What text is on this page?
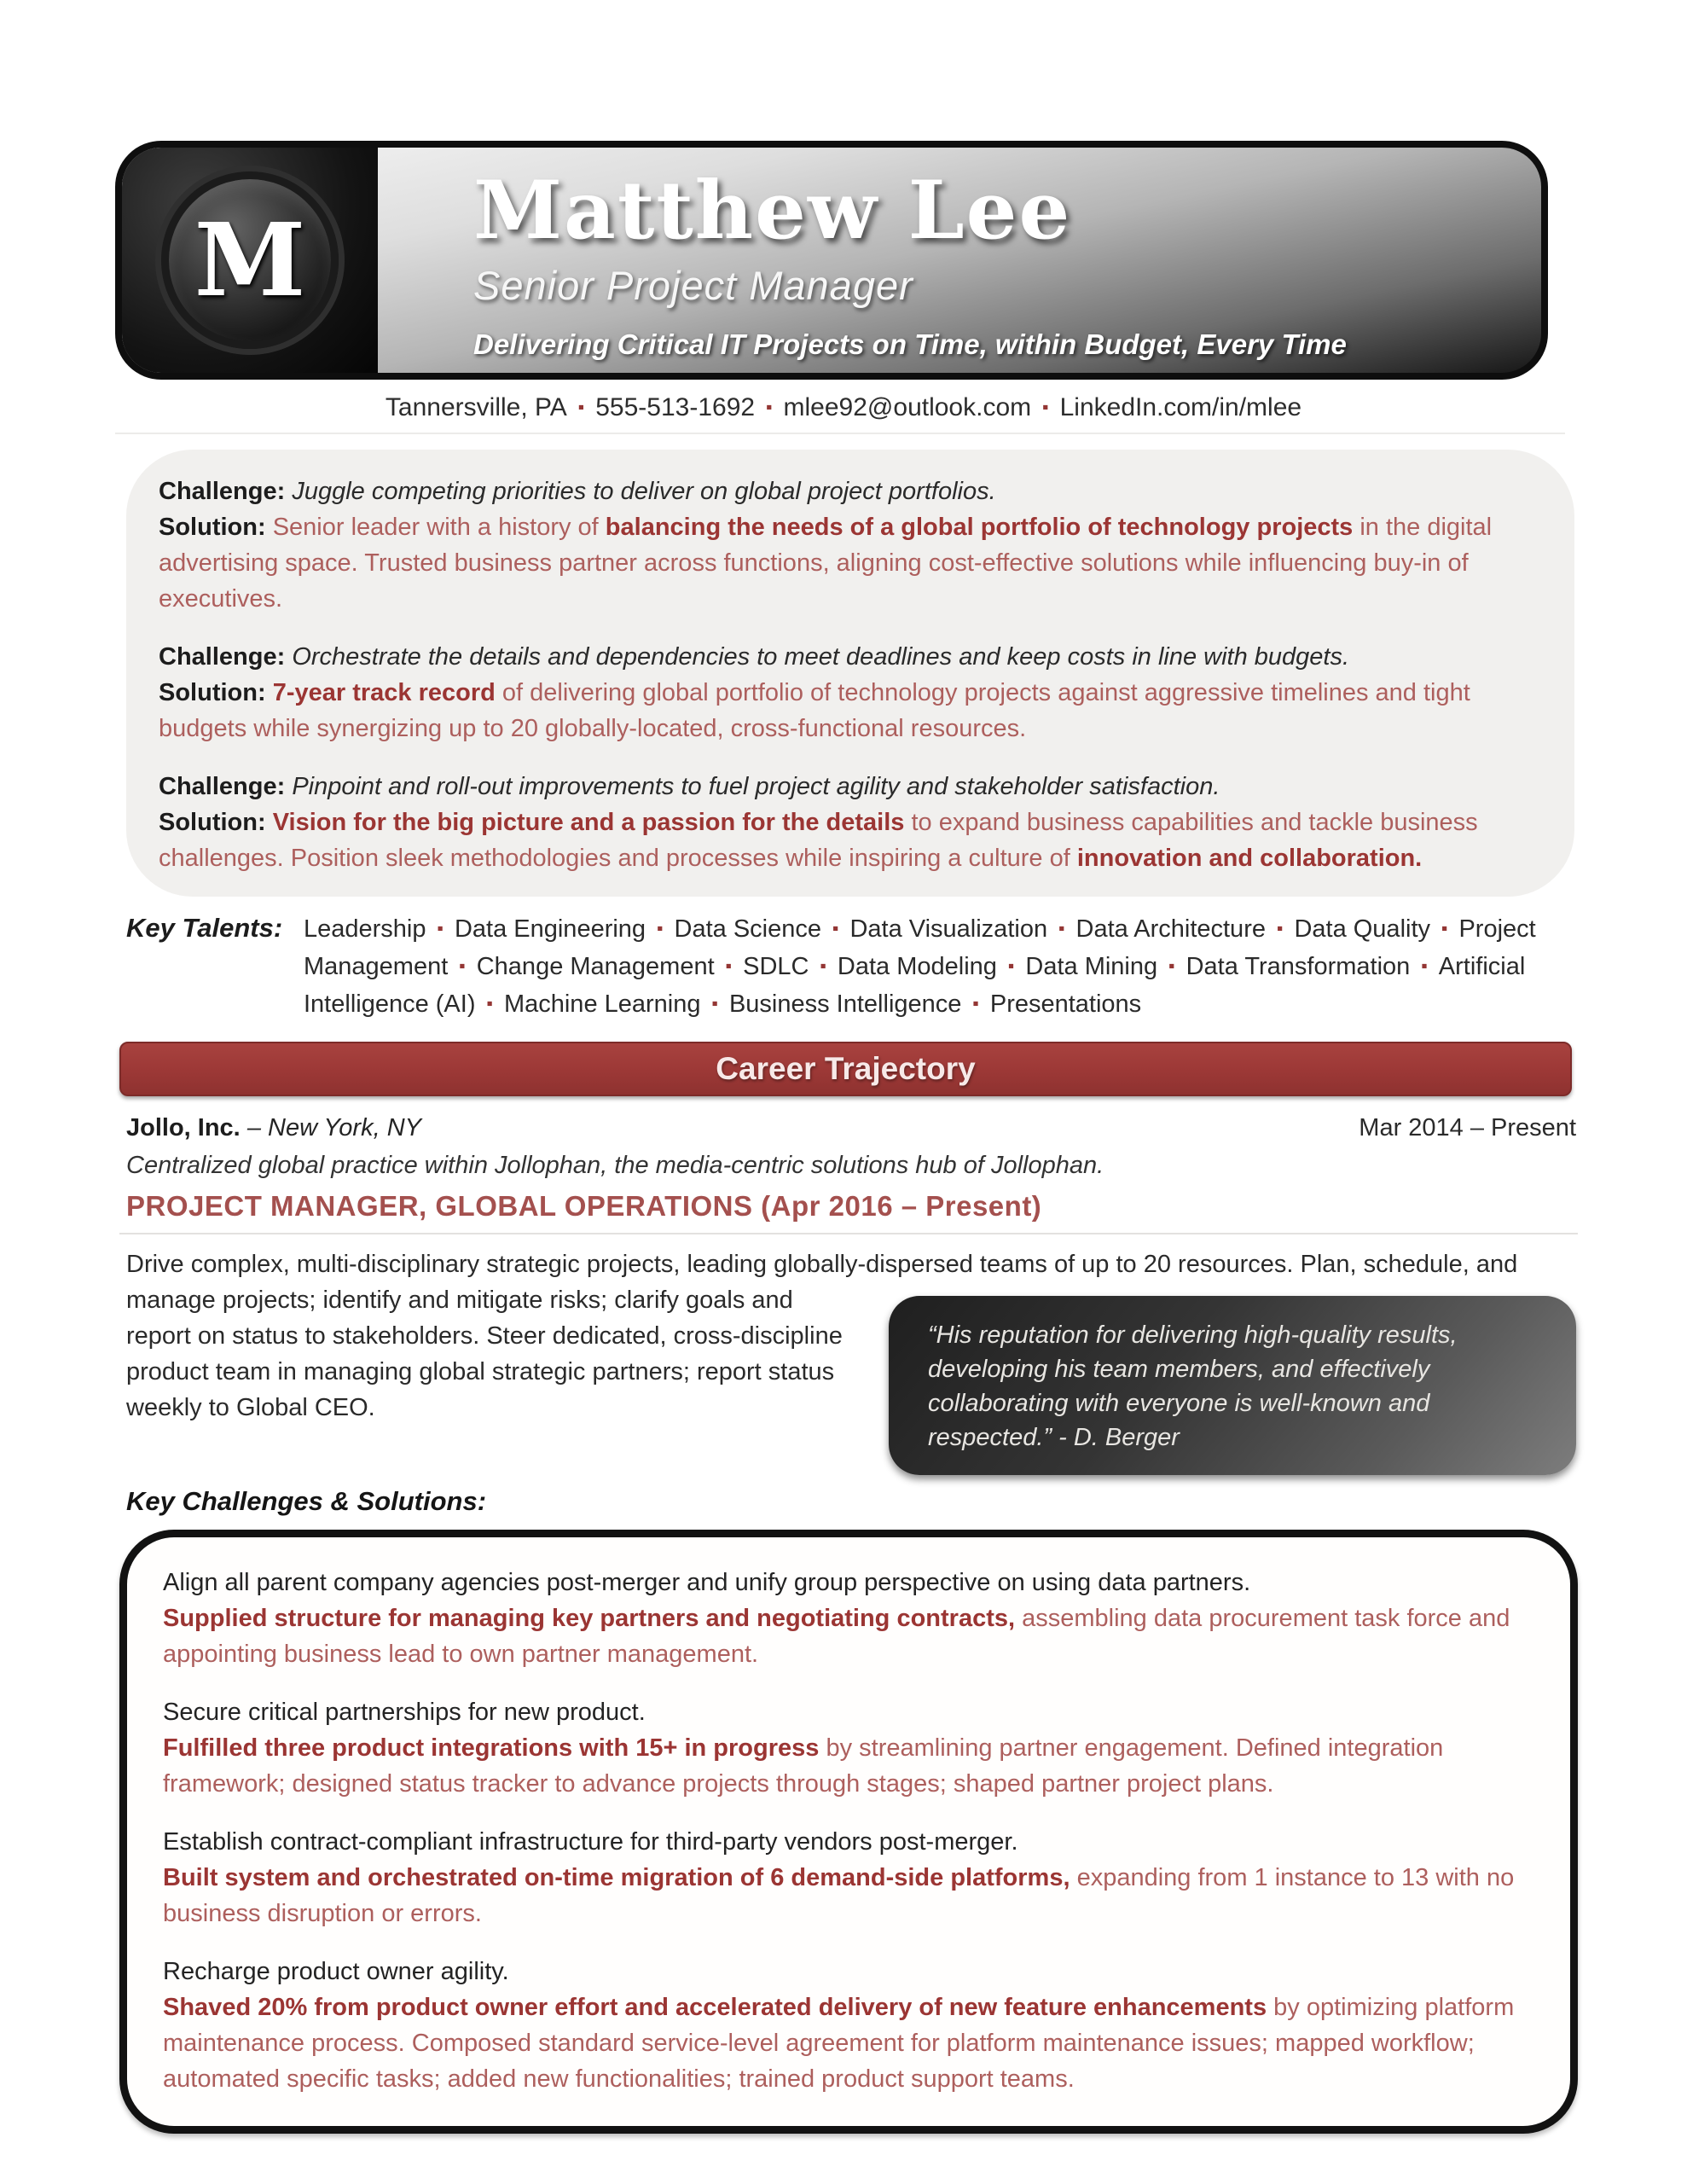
M Matthew Lee
Senior Project Manager
Delivering Critical IT Projects on Time, within Budget, Every Time
Tannersville, PA ▪ 555-513-1692 ▪ mlee92@outlook.com ▪ LinkedIn.com/in/mlee
Challenge: Juggle competing priorities to deliver on global project portfolios.
Solution: Senior leader with a history of balancing the needs of a global portfolio of technology projects in the digital advertising space. Trusted business partner across functions, aligning cost-effective solutions while influencing buy-in of executives.
Challenge: Orchestrate the details and dependencies to meet deadlines and keep costs in line with budgets.
Solution: 7-year track record of delivering global portfolio of technology projects against aggressive timelines and tight budgets while synergizing up to 20 globally-located, cross-functional resources.
Challenge: Pinpoint and roll-out improvements to fuel project agility and stakeholder satisfaction.
Solution: Vision for the big picture and a passion for the details to expand business capabilities and tackle business challenges. Position sleek methodologies and processes while inspiring a culture of innovation and collaboration.
Key Talents: Leadership ▪ Data Engineering ▪ Data Science ▪ Data Visualization ▪ Data Architecture ▪ Data Quality ▪ Project Management ▪ Change Management ▪ SDLC ▪ Data Modeling ▪ Data Mining ▪ Data Transformation ▪ Artificial Intelligence (AI) ▪ Machine Learning ▪ Business Intelligence ▪ Presentations
Career Trajectory
Jollo, Inc. – New York, NY	Mar 2014 – Present
Centralized global practice within Jollophan, the media-centric solutions hub of Jollophan.
PROJECT MANAGER, GLOBAL OPERATIONS (Apr 2016 – Present)
“His reputation for delivering high-quality results, developing his team members, and effectively collaborating with everyone is well-known and respected.” - D. Berger
Drive complex, multi-disciplinary strategic projects, leading globally-dispersed teams of up to 20 resources. Plan, schedule, and manage projects; identify and mitigate risks; clarify goals and report on status to stakeholders. Steer dedicated, cross-discipline product team in managing global strategic partners; report status weekly to Global CEO.
Key Challenges & Solutions:
Align all parent company agencies post-merger and unify group perspective on using data partners.
Supplied structure for managing key partners and negotiating contracts, assembling data procurement task force and appointing business lead to own partner management.
Secure critical partnerships for new product.
Fulfilled three product integrations with 15+ in progress by streamlining partner engagement. Defined integration framework; designed status tracker to advance projects through stages; shaped partner project plans.
Establish contract-compliant infrastructure for third-party vendors post-merger.
Built system and orchestrated on-time migration of 6 demand-side platforms, expanding from 1 instance to 13 with no business disruption or errors.
Recharge product owner agility.
Shaved 20% from product owner effort and accelerated delivery of new feature enhancements by optimizing platform maintenance process. Composed standard service-level agreement for platform maintenance issues; mapped workflow; automated specific tasks; added new functionalities; trained product support teams.
